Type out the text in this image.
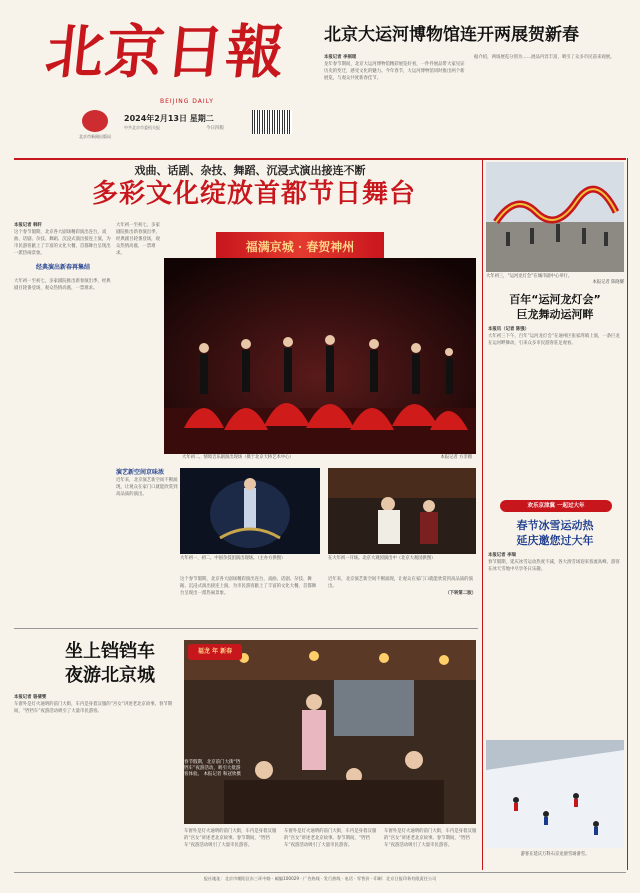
北京日報
BEIJING DAILY
北京市新闻出版局
2024年2月13日 星期二
中共北京市委机关报	今日四版
北京大运河博物馆连开两展贺新春
本报记者 李祺瑶
龙年春节期间，北京大运河博物馆精彩展览好看，一件件展品带大家见证历史的变迁，感受文化的魅力。今年春节，大运河博物馆同时推出两个新展览，与观众共度新春佳节。
据介绍，两场展览分别为……展品内容丰富，吸引了众多市民前来观展。
戏曲、话剧、杂技、舞蹈、沉浸式演出接连不断
多彩文化绽放首都节日舞台
本报记者 韩轩
这个春节假期，北京各大剧场精彩演出连台，戏曲、话剧、杂技、舞蹈、沉浸式演出接连上演，为市民游客献上了丰富的文化大餐，首都舞台呈现出一派热闹景象。
经典演出新春再集结
大年初一至初七，多家剧院推出新春演出季，经典剧目轮番登场，观众热情高涨，一票难求。
福满京城 · 春贺神州
大年初二，情境音乐剧演出现场（摄于北京天桥艺术中心）	本报记者 方非摄
大年初一至初七，多家剧院推出新春演出季，经典剧目轮番登场，观众热情高涨，一票难求。
大年初一、初二，中国杂技团演出现场。（主办方供图）	在大年初一开场。北京大观园演出中（北京大观园供图）
演艺新空间京味浓
近年来，北京演艺新空间不断涌现，让观众在家门口就能欣赏到高品质的演出。
这个春节假期，北京各大剧场精彩演出连台，戏曲、话剧、杂技、舞蹈、沉浸式演出接连上演，为市民游客献上了丰富的文化大餐，首都舞台呈现出一派热闹景象。
近年来，北京演艺新空间不断涌现，让观众在家门口就能欣赏到高品质的演出。
（下转第二版）
坐上铛铛车
夜游北京城
本报记者 骆倩雯
车窗外是灯火通明的前门大街，车内是身着汉服的“宫女”讲述老北京故事。春节期间，“铛铛车”夜游活动吸引了大量市民游客。
福龙 年 新春
春节假期，北京前门大街“铛铛车”夜游活动，吸引大批游客体验。 本报记者 和冠欣摄
车窗外是灯火通明的前门大街，车内是身着汉服的“宫女”讲述老北京故事。春节期间，“铛铛车”夜游活动吸引了大量市民游客。
车窗外是灯火通明的前门大街，车内是身着汉服的“宫女”讲述老北京故事。春节期间，“铛铛车”夜游活动吸引了大量市民游客。
车窗外是灯火通明的前门大街，车内是身着汉服的“宫女”讲述老北京故事。春节期间，“铛铛车”夜游活动吸引了大量市民游客。
大年初三，“运河龙灯会”在城市副中心举行。
本报记者 陈晓耀
百年“运河龙灯会”
巨龙舞动运河畔
本报讯（记者 陈强）
大年初三下午，百年“运河龙灯会”在通州区张家湾镇上演，一条巨龙在运河畔舞动，引来众多市民游客驻足观看。
欢乐京津冀 一起过大年
春节冰雪运动热
延庆邀您过大年
本报记者 李瑞
春节假期，延庆冰雪运动热度不减，各大滑雪场迎来客流高峰，游客在冰天雪地中尽享冬日乐趣。
游客在延庆万科石京龙滑雪场滑雪。
报社地址：北京市朝阳区东三环中路 · 邮编100029 · 广告热线 · 发行热线 · 电话 · 零售价 · 印刷：北京日报印务有限责任公司
